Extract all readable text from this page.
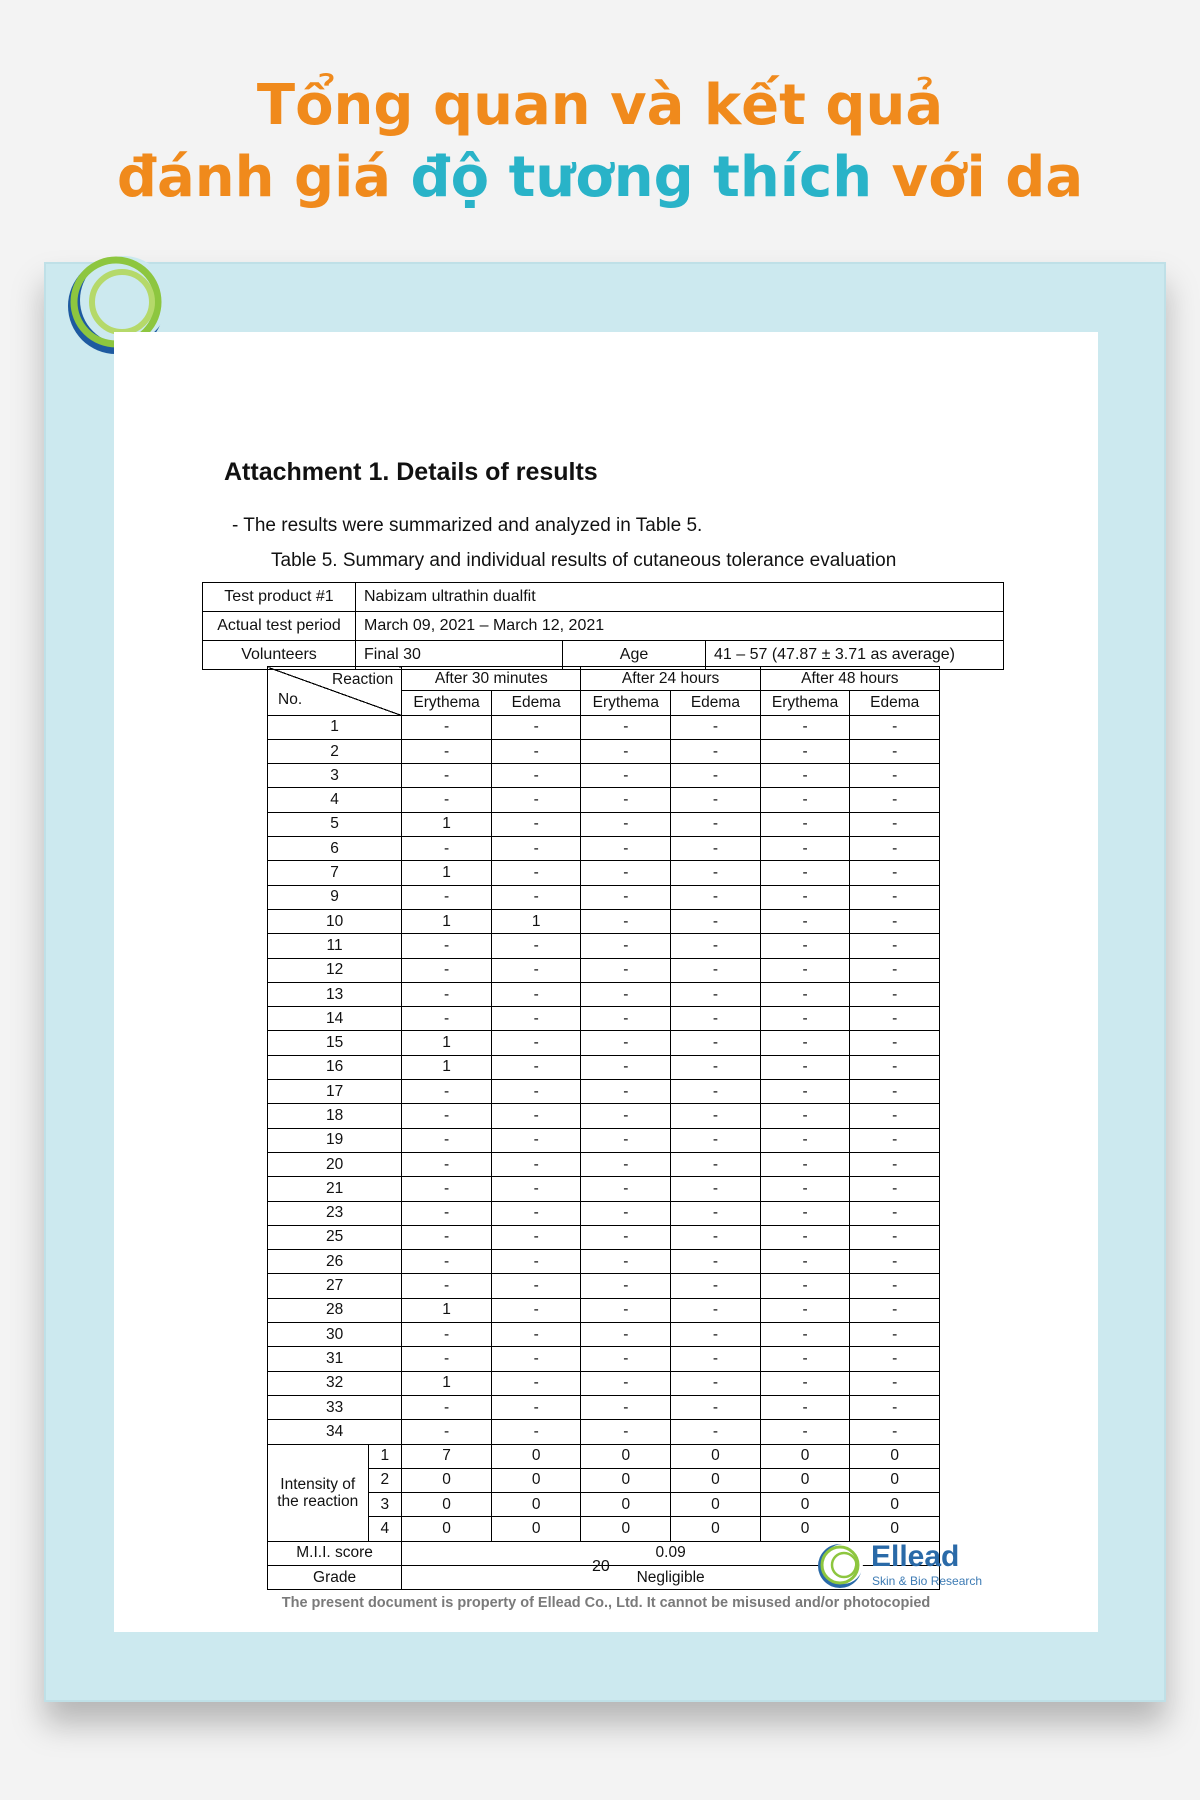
Tổng quan và kết quả
đánh giá độ tương thích với da
Attachment 1. Details of results
- The results were summarized and analyzed in Table 5.
Table 5. Summary and individual results of cutaneous tolerance evaluation
Test product #1	Nabizam ultrathin dualfit		
Actual test period	March 09, 2021 – March 12, 2021		
Volunteers	Final 30	Age	41 – 57 (47.87 ± 3.71 as average)
Reaction
No.		After 30 minutes		After 24 hours		After 48 hours	
		Erythema	Edema	Erythema	Edema	Erythema	Edema
1		-	-	-	-	-	-
2		-	-	-	-	-	-
3		-	-	-	-	-	-
4		-	-	-	-	-	-
5		1	-	-	-	-	-
6		-	-	-	-	-	-
7		1	-	-	-	-	-
9		-	-	-	-	-	-
10		1	1	-	-	-	-
11		-	-	-	-	-	-
12		-	-	-	-	-	-
13		-	-	-	-	-	-
14		-	-	-	-	-	-
15		1	-	-	-	-	-
16		1	-	-	-	-	-
17		-	-	-	-	-	-
18		-	-	-	-	-	-
19		-	-	-	-	-	-
20		-	-	-	-	-	-
21		-	-	-	-	-	-
23		-	-	-	-	-	-
25		-	-	-	-	-	-
26		-	-	-	-	-	-
27		-	-	-	-	-	-
28		1	-	-	-	-	-
30		-	-	-	-	-	-
31		-	-	-	-	-	-
32		1	-	-	-	-	-
33		-	-	-	-	-	-
34		-	-	-	-	-	-
Intensity of the reaction	1	7	0	0	0	0	0
	2	0	0	0	0	0	0
	3	0	0	0	0	0	0
	4	0	0	0	0	0	0
M.I.I. score		0.09					
Grade		Negligible					
20	Ellead
Skin & Bio Research
The present document is property of Ellead Co., Ltd. It cannot be misused and/or photocopied
